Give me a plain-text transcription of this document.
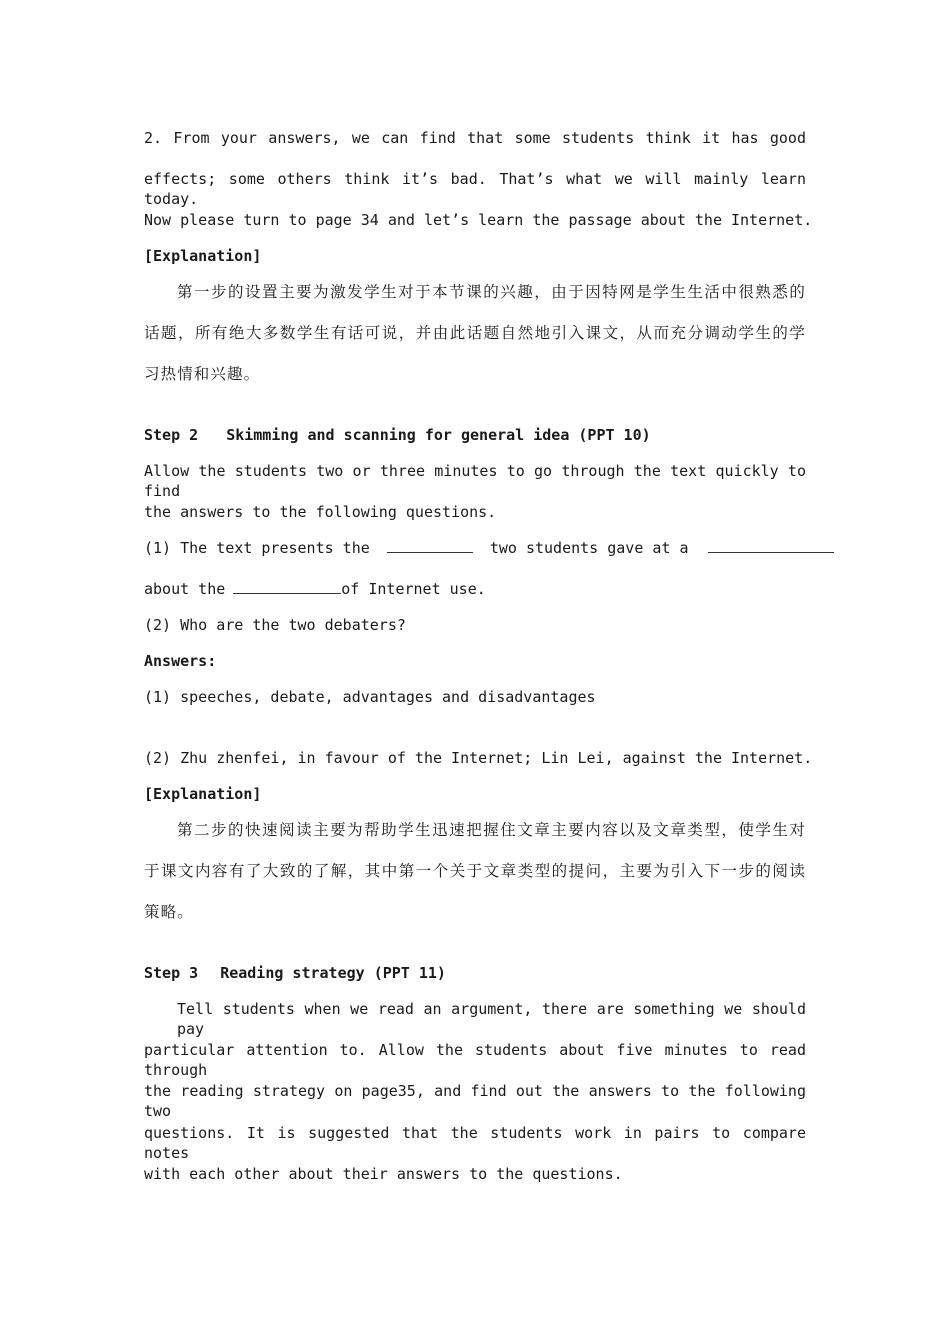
2. From your answers, we can find that some students think it has good
effects; some others think it’s bad. That’s what we will mainly learn today.
Now please turn to page 34 and let’s learn the passage about the Internet.
[Explanation]
第一步的设置主要为激发学生对于本节课的兴趣，由于因特网是学生生活中很熟悉的
话题，所有绝大多数学生有话可说，并由此话题自然地引入课文，从而充分调动学生的学
习热情和兴趣。
Step 2 Skimming and scanning for general idea (PPT 10)
Allow the students two or three minutes to go through the text quickly to find
the answers to the following questions.
(1) The text presents the	two students gave at a
about the	of Internet use.
(2) Who are the two debaters?
Answers:
(1) speeches, debate, advantages and disadvantages
(2) Zhu zhenfei, in favour of the Internet; Lin Lei, against the Internet.
[Explanation]
第二步的快速阅读主要为帮助学生迅速把握住文章主要内容以及文章类型，使学生对
于课文内容有了大致的了解，其中第一个关于文章类型的提问，主要为引入下一步的阅读
策略。
Step 3 Reading strategy (PPT 11)
Tell students when we read an argument, there are something we should pay
particular attention to. Allow the students about five minutes to read through
the reading strategy on page35, and find out the answers to the following two
questions. It is suggested that the students work in pairs to compare notes
with each other about their answers to the questions.
